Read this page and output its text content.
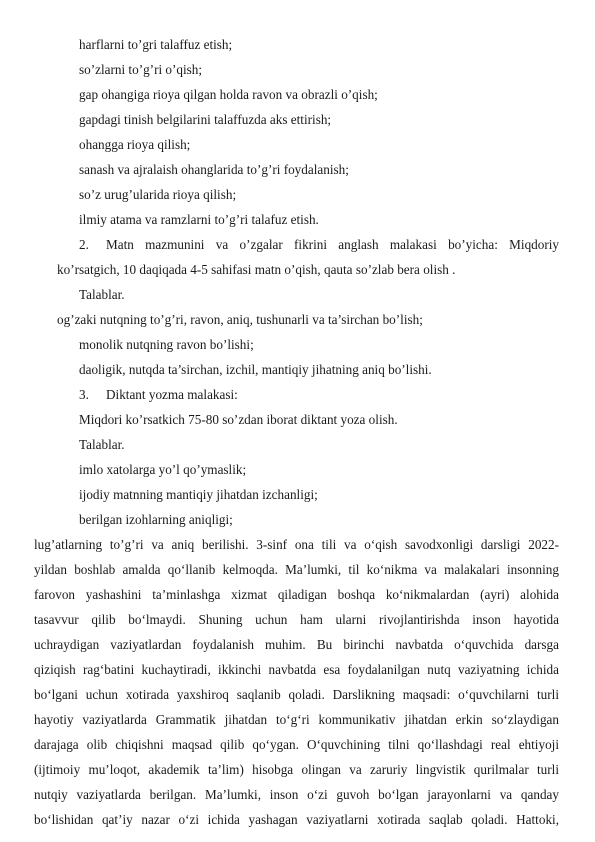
harflarni to’gri talaffuz etish;
so’zlarni to’g’ri o’qish;
gap ohangiga rioya qilgan holda ravon va obrazli o’qish;
gapdagi tinish belgilarini talaffuzda aks ettirish;
ohangga rioya qilish;
sanash va ajralaish ohanglarida to’g’ri foydalanish;
so’z urug’ularida rioya qilish;
ilmiy atama va ramzlarni to’g’ri talafuz etish.
2. Matn mazmunini va o’zgalar fikrini anglash malakasi bo’yicha: Miqdoriy
ko’rsatgich, 10 daqiqada 4-5 sahifasi matn o’qish, qauta so’zlab bera olish .
Talablar.
og’zaki nutqning to’g’ri, ravon, aniq, tushunarli va ta’sirchan bo’lish;
monolik nutqning ravon bo’lishi;
daoligik, nutqda ta’sirchan, izchil, mantiqiy jihatning aniq bo’lishi.
3. Diktant yozma malakasi:
Miqdori ko’rsatkich 75-80 so’zdan iborat diktant yoza olish.
Talablar.
imlo xatolarga yo’l qo’ymaslik;
ijodiy matnning mantiqiy jihatdan izchanligi;
berilgan izohlarning aniqligi;
lug’atlarning to’g’ri va aniq berilishi. 3-sinf ona tili va o‘qish savodxonligi darsligi 2022-
yildan boshlab amalda qo‘llanib kelmoqda. Ma’lumki, til ko‘nikma va malakalari insonning
farovon yashashini ta’minlashga xizmat qiladigan boshqa ko‘nikmalardan (ayri) alohida
tasavvur qilib bo‘lmaydi. Shuning uchun ham ularni rivojlantirishda inson hayotida
uchraydigan vaziyatlardan foydalanish muhim. Bu birinchi navbatda o‘quvchida darsga
qiziqish rag‘batini kuchaytiradi, ikkinchi navbatda esa foydalanilgan nutq vaziyatning ichida
bo‘lgani uchun xotirada yaxshiroq saqlanib qoladi. Darslikning maqsadi: o‘quvchilarni turli
hayotiy vaziyatlarda Grammatik jihatdan to‘g‘ri kommunikativ jihatdan erkin so‘zlaydigan
darajaga olib chiqishni maqsad qilib qo‘ygan. O‘quvchining tilni qo‘llashdagi real ehtiyoji
(ijtimoiy mu’loqot, akademik ta’lim) hisobga olingan va zaruriy lingvistik qurilmalar turli
nutqiy vaziyatlarda berilgan. Ma’lumki, inson o‘zi guvoh bo‘lgan jarayonlarni va qanday
bo‘lishidan qat’iy nazar o‘zi ichida yashagan vaziyatlarni xotirada saqlab qoladi. Hattoki,
